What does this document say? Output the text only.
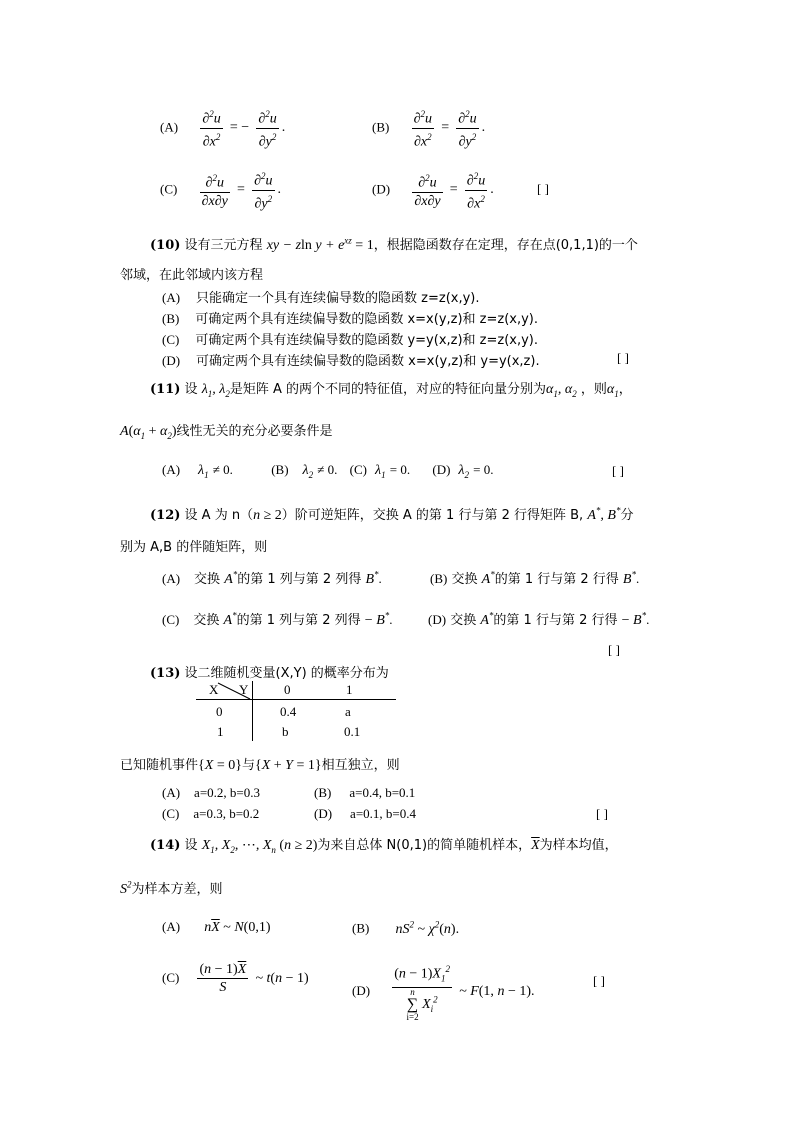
$(A) \frac{\partial^2u}{\partial x^2}$ = − $\frac{\partial^2u}{\partial y^2}$ .	$(B) \frac{\partial^2u}{\partial x^2} = \frac{\partial^2u}{\partial y^2}$ .
$(C) \frac{\partial^2u}{\partial x\partial y} = \frac{\partial^2u}{\partial y^2}$ .	$(D) \frac{\partial^2u}{\partial x\partial y} = \frac{\partial^2u}{\partial x^2}$ .	[ ]
(10) 设有三元方程 xy − zln $y + e^{xz} = 1$，根据隐函数存在定理，存在点(0,1,1)的一个
邻域，在此邻域内该方程
(A) 只能确定一个具有连续偏导数的隐函数 z=z(x,y).
(B) 可确定两个具有连续偏导数的隐函数 x=x(y,z)和 z=z(x,y).
(C) 可确定两个具有连续偏导数的隐函数 y=y(x,z)和 z=z(x,y).
(D) 可确定两个具有连续偏导数的隐函数 x=x(y,z)和 y=y(x,z).	[ ]
(11) 设 $\lambda_1$, $\lambda_2$是矩阵 A 的两个不同的特征值，对应的特征向量分别为$\alpha_1$, $\alpha_2$ ，则$\alpha_1$，
$A(\alpha_1 + \alpha_2)$线性无关的充分必要条件是
(A) $\lambda_1 \ne 0$.	(B) $\lambda_2 \ne 0$. (C) $\lambda_1 = 0$. (D) $\lambda_2 = 0$.	[ ]
(12) 设 A 为 n（n ≥ 2）阶可逆矩阵，交换 A 的第 1 行与第 2 行得矩阵 B, A*, B*分
别为 A,B 的伴随矩阵，则
(A) 交换 A*的第 1 列与第 2 列得 B*.	(B) 交换 A*的第 1 行与第 2 行得 B*.
(C) 交换 A*的第 1 列与第 2 列得 − B*.	(D) 交换 A*的第 1 行与第 2 行得 − B*.
[ ]
(13) 设二维随机变量(X,Y) 的概率分布为
X Y	0	1
0	0.4	a
1	b	0.1
已知随机事件{X = 0}与{X + Y = 1}相互独立，则
(A) a=0.2, b=0.3	(B) a=0.4, b=0.1
(C) a=0.3, b=0.2	(D) a=0.1, b=0.4	[ ]
(14) 设 $X_1$, $X_2$, ⋯, $X_n$ (n ≥ 2)为来自总体 N(0,1)的简单随机样本，$\overline{X}$为样本均值，
$S^2$为样本方差，则
(A) $n\overline{X}$ ~ N(0,1)	(B) $nS^2$ ~ $\chi^2(n)$.
$(C) \frac{(n - 1)\overline{X}}{S}$ ~ t(n − 1)
(D) $(n - 1)X_1^2$
n
∑
i=2
$X_i^2$ ~ F(1, n − 1).
[ ]
